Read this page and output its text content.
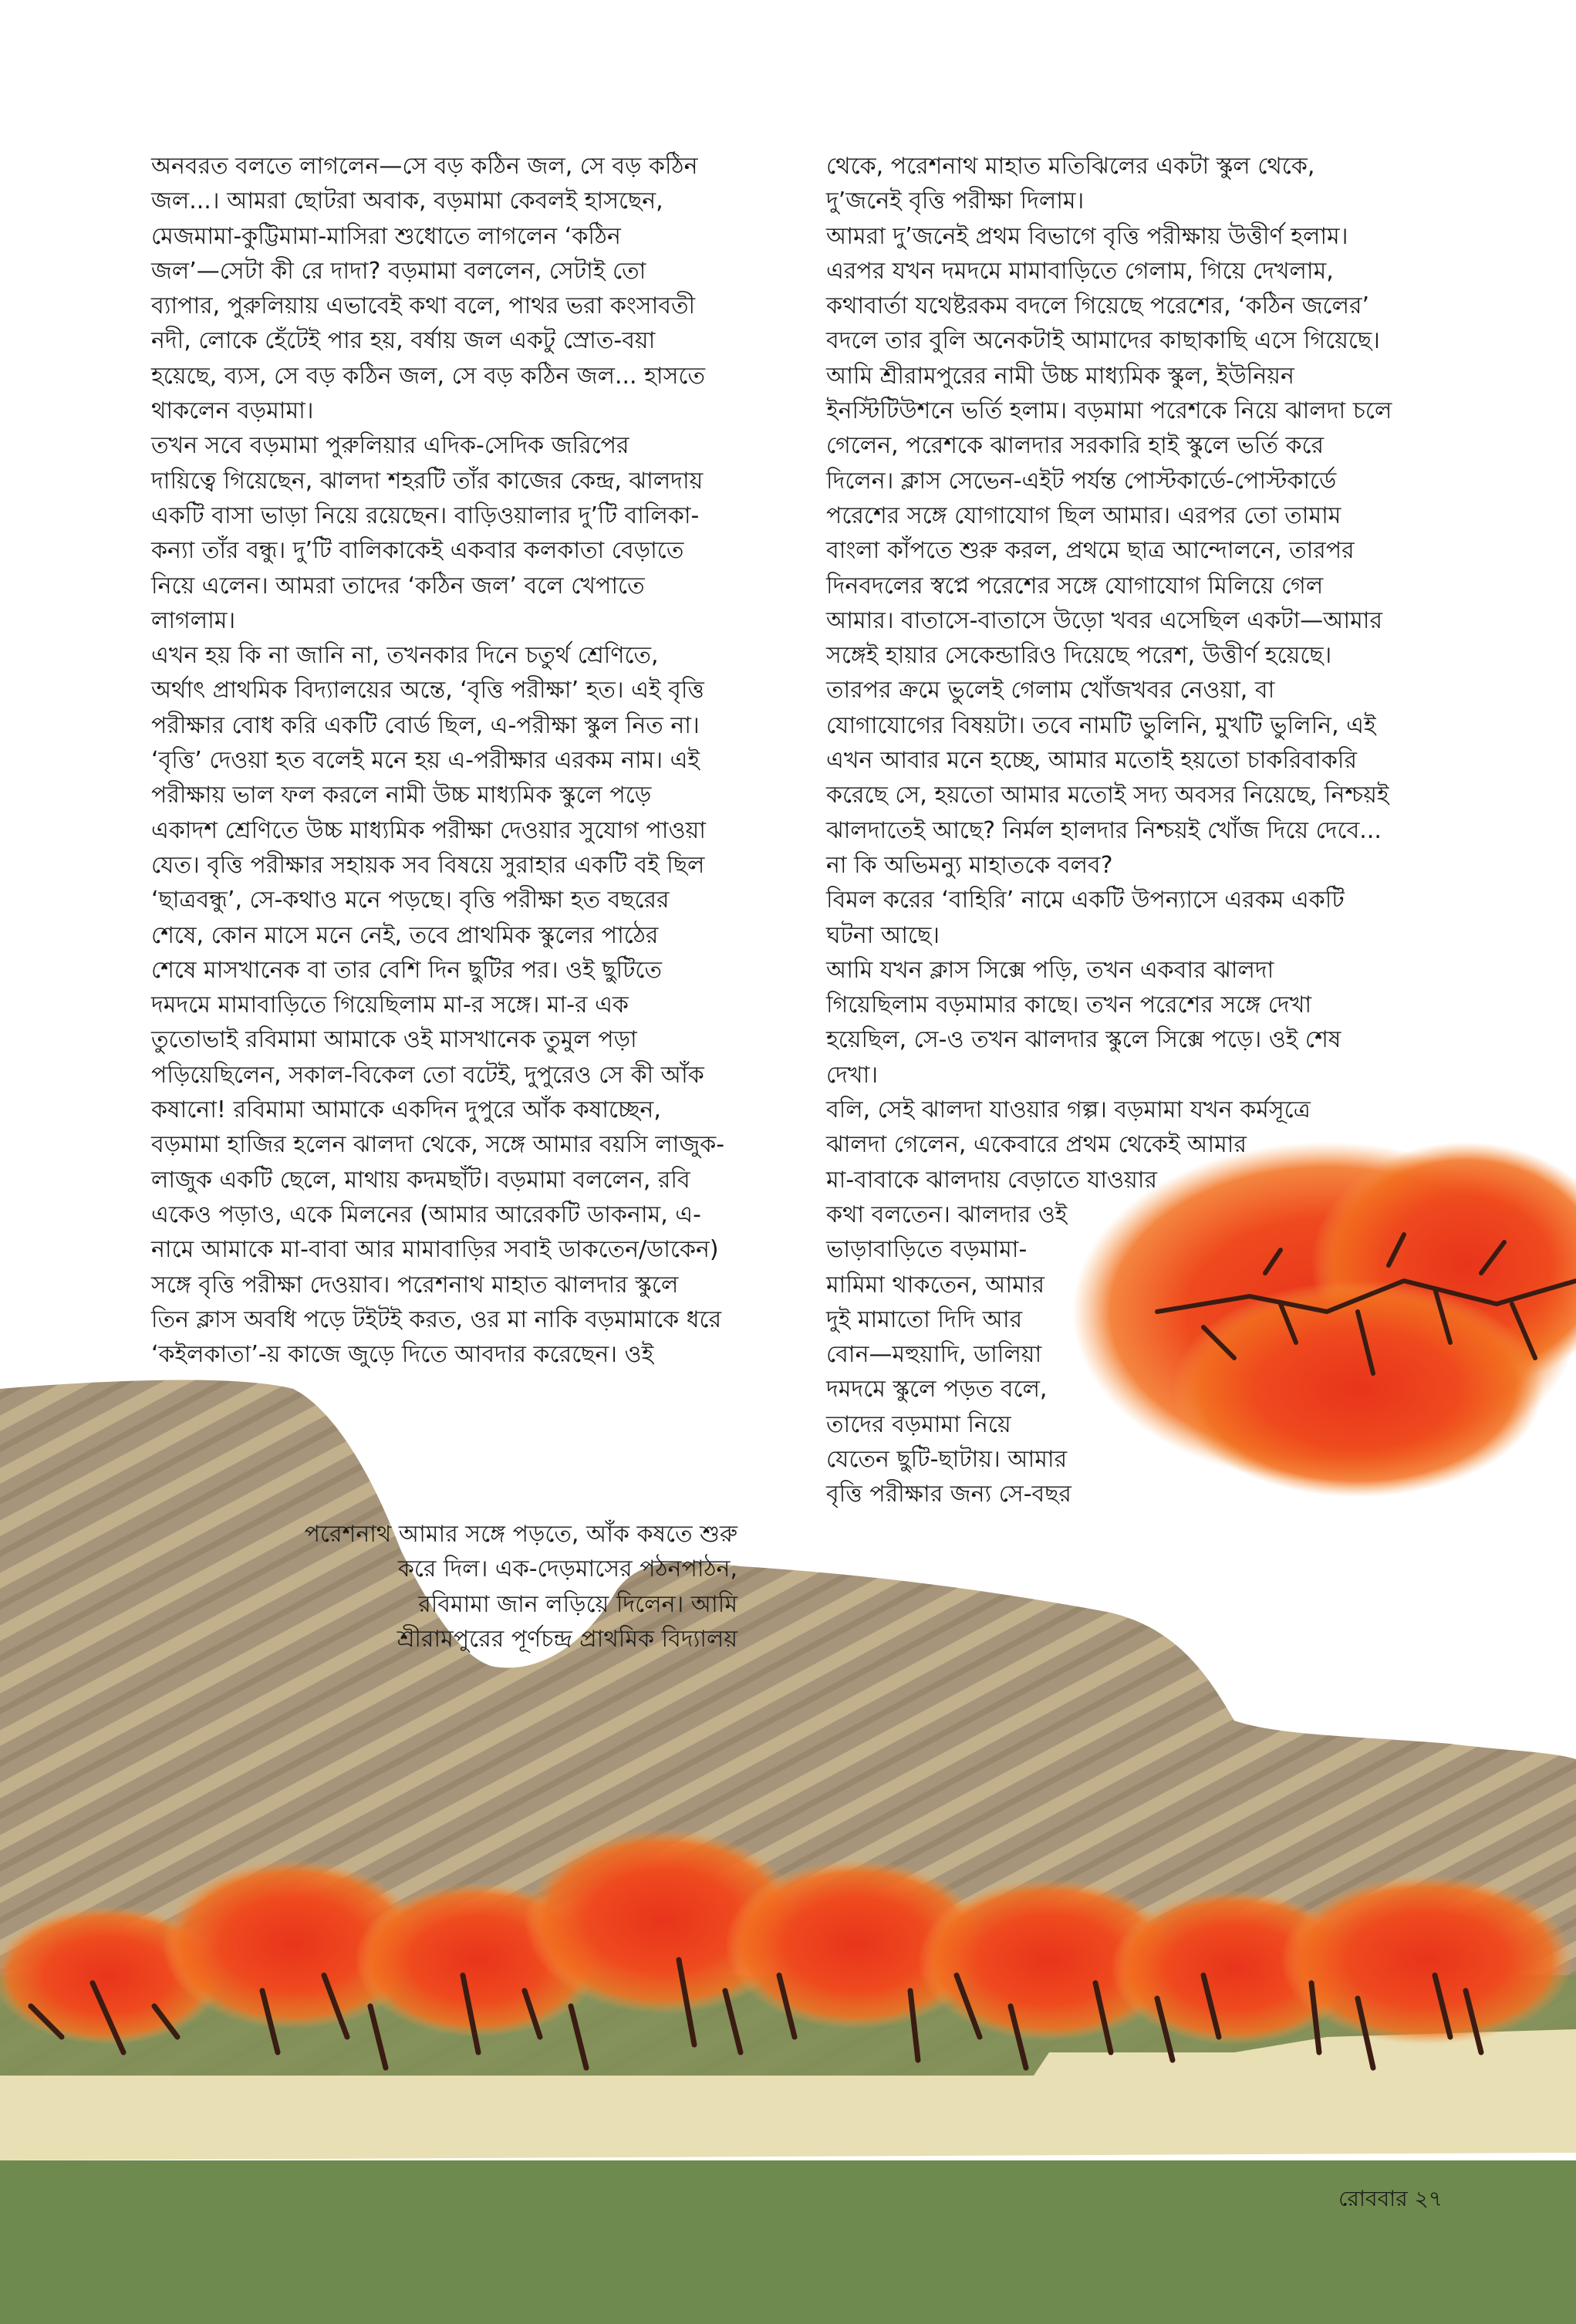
অনবরত বলতে লাগলেন—সে বড় কঠিন জল, সে বড় কঠিন

জল...। আমরা ছোটরা অবাক, বড়মামা কেবলই হাসছেন,

মেজমামা-কুট্টিমামা-মাসিরা শুধোতে লাগলেন ‘কঠিন

জল’—সেটা কী রে দাদা? বড়মামা বললেন, সেটাই তো

ব্যাপার, পুরুলিয়ায় এভাবেই কথা বলে, পাথর ভরা কংসাবতী

নদী, লোকে হেঁটেই পার হয়, বর্ষায় জল একটু স্রোত-বয়া

হয়েছে, ব্যস, সে বড় কঠিন জল, সে বড় কঠিন জল... হাসতে

থাকলেন বড়মামা।

তখন সবে বড়মামা পুরুলিয়ার এদিক-সেদিক জরিপের

দায়িত্বে গিয়েছেন, ঝালদা শহরটি তাঁর কাজের কেন্দ্র, ঝালদায়

একটি বাসা ভাড়া নিয়ে রয়েছেন। বাড়িওয়ালার দু’টি বালিকা-

কন্যা তাঁর বন্ধু। দু’টি বালিকাকেই একবার কলকাতা বেড়াতে

নিয়ে এলেন। আমরা তাদের ‘কঠিন জল’ বলে খেপাতে

লাগলাম।

এখন হয় কি না জানি না, তখনকার দিনে চতুর্থ শ্রেণিতে,

অর্থাৎ প্রাথমিক বিদ্যালয়ের অন্তে, ‘বৃত্তি পরীক্ষা’ হত। এই বৃত্তি

পরীক্ষার বোধ করি একটি বোর্ড ছিল, এ-পরীক্ষা স্কুল নিত না।

‘বৃত্তি’ দেওয়া হত বলেই মনে হয় এ-পরীক্ষার এরকম নাম। এই

পরীক্ষায় ভাল ফল করলে নামী উচ্চ মাধ্যমিক স্কুলে পড়ে

একাদশ শ্রেণিতে উচ্চ মাধ্যমিক পরীক্ষা দেওয়ার সুযোগ পাওয়া

যেত। বৃত্তি পরীক্ষার সহায়ক সব বিষয়ে সুরাহার একটি বই ছিল

‘ছাত্রবন্ধু’, সে-কথাও মনে পড়ছে। বৃত্তি পরীক্ষা হত বছরের

শেষে, কোন মাসে মনে নেই, তবে প্রাথমিক স্কুলের পাঠের

শেষে মাসখানেক বা তার বেশি দিন ছুটির পর। ওই ছুটিতে

দমদমে মামাবাড়িতে গিয়েছিলাম মা-র সঙ্গে। মা-র এক

তুতোভাই রবিমামা আমাকে ওই মাসখানেক তুমুল পড়া

পড়িয়েছিলেন, সকাল-বিকেল তো বটেই, দুপুরেও সে কী আঁক

কষানো! রবিমামা আমাকে একদিন দুপুরে আঁক কষাচ্ছেন,

বড়মামা হাজির হলেন ঝালদা থেকে, সঙ্গে আমার বয়সি লাজুক-

লাজুক একটি ছেলে, মাথায় কদমছাঁট। বড়মামা বললেন, রবি

একেও পড়াও, একে মিলনের (আমার আরেকটি ডাকনাম, এ-

নামে আমাকে মা-বাবা আর মামাবাড়ির সবাই ডাকতেন/ডাকেন)

সঙ্গে বৃত্তি পরীক্ষা দেওয়াব। পরেশনাথ মাহাত ঝালদার স্কুলে

তিন ক্লাস অবধি পড়ে টইটই করত, ওর মা নাকি বড়মামাকে ধরে

‘কইলকাতা’-য় কাজে জুড়ে দিতে আবদার করেছেন। ওই

পরেশনাথ আমার সঙ্গে পড়তে, আঁক কষতে শুরু

করে দিল। এক-দেড়মাসের পঠনপাঠন,

রবিমামা জান লড়িয়ে দিলেন। আমি

শ্রীরামপুরের পূর্ণচন্দ্র প্রাথমিক বিদ্যালয়

থেকে, পরেশনাথ মাহাত মতিঝিলের একটা স্কুল থেকে,

দু’জনেই বৃত্তি পরীক্ষা দিলাম।

আমরা দু’জনেই প্রথম বিভাগে বৃত্তি পরীক্ষায় উত্তীর্ণ হলাম।

এরপর যখন দমদমে মামাবাড়িতে গেলাম, গিয়ে দেখলাম,

কথাবার্তা যথেষ্টরকম বদলে গিয়েছে পরেশের, ‘কঠিন জলের’

বদলে তার বুলি অনেকটাই আমাদের কাছাকাছি এসে গিয়েছে।

আমি শ্রীরামপুরের নামী উচ্চ মাধ্যমিক স্কুল, ইউনিয়ন

ইনস্টিটিউশনে ভর্তি হলাম। বড়মামা পরেশকে নিয়ে ঝালদা চলে

গেলেন, পরেশকে ঝালদার সরকারি হাই স্কুলে ভর্তি করে

দিলেন। ক্লাস সেভেন-এইট পর্যন্ত পোস্টকার্ডে-পোস্টকার্ডে

পরেশের সঙ্গে যোগাযোগ ছিল আমার। এরপর তো তামাম

বাংলা কাঁপতে শুরু করল, প্রথমে ছাত্র আন্দোলনে, তারপর

দিনবদলের স্বপ্নে পরেশের সঙ্গে যোগাযোগ মিলিয়ে গেল

আমার। বাতাসে-বাতাসে উড়ো খবর এসেছিল একটা—আমার

সঙ্গেই হায়ার সেকেন্ডারিও দিয়েছে পরেশ, উত্তীর্ণ হয়েছে।

তারপর ক্রমে ভুলেই গেলাম খোঁজখবর নেওয়া, বা

যোগাযোগের বিষয়টা। তবে নামটি ভুলিনি, মুখটি ভুলিনি, এই

এখন আবার মনে হচ্ছে, আমার মতোই হয়তো চাকরিবাকরি

করেছে সে, হয়তো আমার মতোই সদ্য অবসর নিয়েছে, নিশ্চয়ই

ঝালদাতেই আছে? নির্মল হালদার নিশ্চয়ই খোঁজ দিয়ে দেবে...

না কি অভিমন্যু মাহাতকে বলব?

বিমল করের ‘বাহিরি’ নামে একটি উপন্যাসে এরকম একটি

ঘটনা আছে।

আমি যখন ক্লাস সিক্সে পড়ি, তখন একবার ঝালদা

গিয়েছিলাম বড়মামার কাছে। তখন পরেশের সঙ্গে দেখা

হয়েছিল, সে-ও তখন ঝালদার স্কুলে সিক্সে পড়ে। ওই শেষ

দেখা।

বলি, সেই ঝালদা যাওয়ার গল্প। বড়মামা যখন কর্মসূত্রে

ঝালদা গেলেন, একেবারে প্রথম থেকেই আমার

মা-বাবাকে ঝালদায় বেড়াতে যাওয়ার

কথা বলতেন। ঝালদার ওই

ভাড়াবাড়িতে বড়মামা-

মামিমা থাকতেন, আমার

দুই মামাতো দিদি আর

বোন—মহুয়াদি, ডালিয়া

দমদমে স্কুলে পড়ত বলে,

তাদের বড়মামা নিয়ে

যেতেন ছুটি-ছাটায়। আমার

বৃত্তি পরীক্ষার জন্য সে-বছর

রোববার ২৭
